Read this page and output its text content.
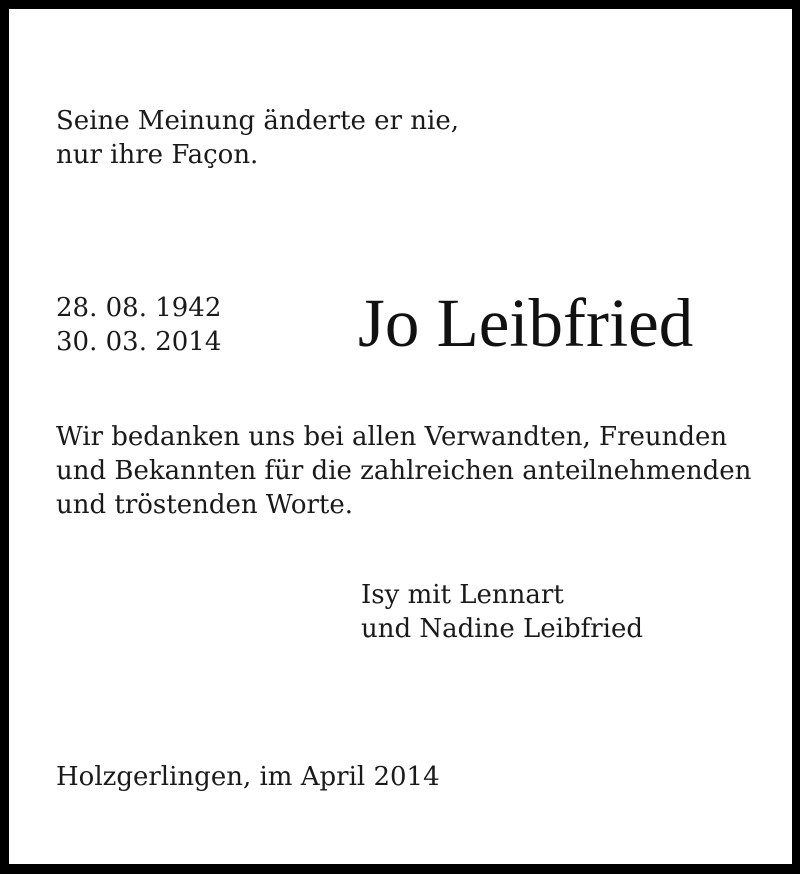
Seine Meinung änderte er nie,
nur ihre Façon.
28. 08. 1942
30. 03. 2014 Jo Leibfried
Wir bedanken uns bei allen Verwandten, Freunden
und Bekannten für die zahlreichen anteilnehmenden
und tröstenden Worte.
Isy mit Lennart
und Nadine Leibfried
Holzgerlingen, im April 2014
